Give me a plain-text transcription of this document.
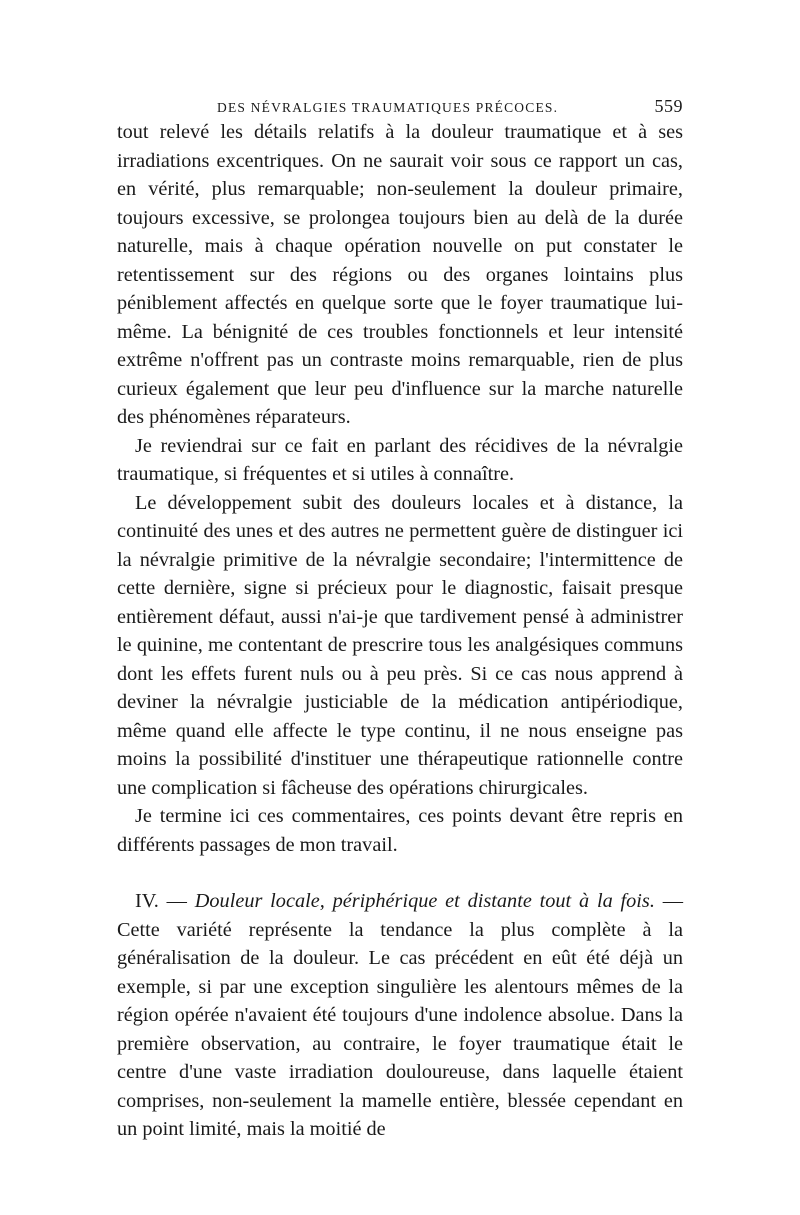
DES NÉVRALGIES TRAUMATIQUES PRÉCOCES.	559

tout relevé les détails relatifs à la douleur traumatique et à ses irradiations excentriques. On ne saurait voir sous ce rapport un cas, en vérité, plus remarquable; non-seulement la douleur primaire, toujours excessive, se prolongea toujours bien au delà de la durée naturelle, mais à chaque opération nouvelle on put constater le retentissement sur des régions ou des organes lointains plus péniblement affectés en quelque sorte que le foyer traumatique lui-même. La bénignité de ces troubles fonctionnels et leur intensité extrême n'offrent pas un contraste moins remarquable, rien de plus curieux également que leur peu d'influence sur la marche naturelle des phénomènes réparateurs.

Je reviendrai sur ce fait en parlant des récidives de la névralgie traumatique, si fréquentes et si utiles à connaître.

Le développement subit des douleurs locales et à distance, la continuité des unes et des autres ne permettent guère de distinguer ici la névralgie primitive de la névralgie secondaire; l'intermittence de cette dernière, signe si précieux pour le diagnostic, faisait presque entièrement défaut, aussi n'ai-je que tardivement pensé à administrer le quinine, me contentant de prescrire tous les analgésiques communs dont les effets furent nuls ou à peu près. Si ce cas nous apprend à deviner la névralgie justiciable de la médication antipériodique, même quand elle affecte le type continu, il ne nous enseigne pas moins la possibilité d'instituer une thérapeutique rationnelle contre une complication si fâcheuse des opérations chirurgicales.

Je termine ici ces commentaires, ces points devant être repris en différents passages de mon travail.

IV. — Douleur locale, périphérique et distante tout à la fois. — Cette variété représente la tendance la plus complète à la généralisation de la douleur. Le cas précédent en eût été déjà un exemple, si par une exception singulière les alentours mêmes de la région opérée n'avaient été toujours d'une indolence absolue. Dans la première observation, au contraire, le foyer traumatique était le centre d'une vaste irradiation douloureuse, dans laquelle étaient comprises, non-seulement la mamelle entière, blessée cependant en un point limité, mais la moitié de
